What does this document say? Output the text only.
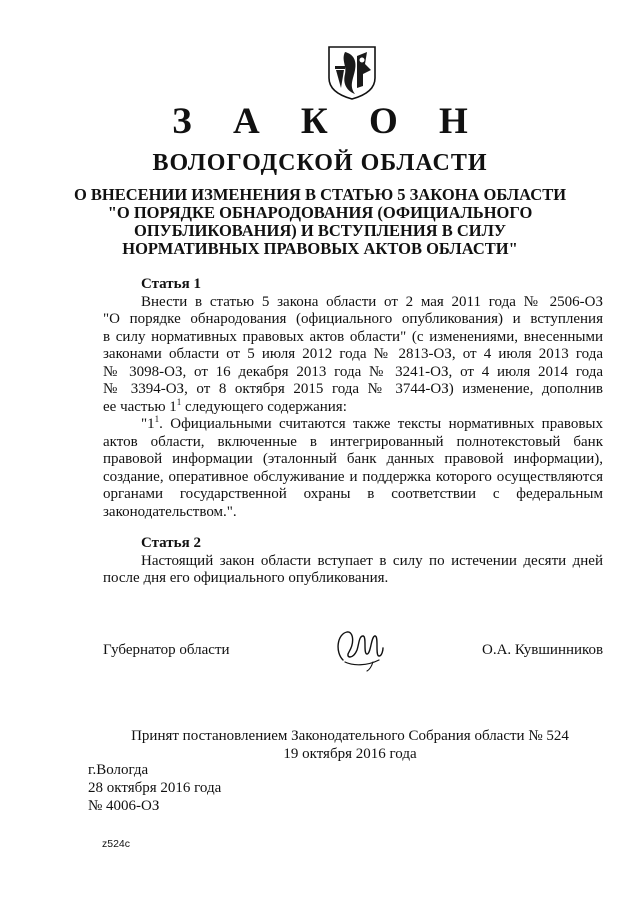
З А К О Н
ВОЛОГОДСКОЙ ОБЛАСТИ
О ВНЕСЕНИИ ИЗМЕНЕНИЯ В СТАТЬЮ 5 ЗАКОНА ОБЛАСТИ
"О ПОРЯДКЕ ОБНАРОДОВАНИЯ (ОФИЦИАЛЬНОГО
ОПУБЛИКОВАНИЯ) И ВСТУПЛЕНИЯ В СИЛУ
НОРМАТИВНЫХ ПРАВОВЫХ АКТОВ ОБЛАСТИ"
Статья 1
Внести в статью 5 закона области от 2 мая 2011 года № 2506-ОЗ
"О порядке обнародования (официального опубликования) и вступления
в силу нормативных правовых актов области" (с изменениями, внесенными
законами области от 5 июля 2012 года № 2813-ОЗ, от 4 июля 2013 года
№ 3098-ОЗ, от 16 декабря 2013 года № 3241-ОЗ, от 4 июля 2014 года
№ 3394-ОЗ, от 8 октября 2015 года № 3744-ОЗ) изменение, дополнив
ее частью $1^1$ следующего содержания:
"$1^1$. Официальными считаются также тексты нормативных правовых
актов области, включенные в интегрированный полнотекстовый банк
правовой информации (эталонный банк данных правовой информации),
создание, оперативное обслуживание и поддержка которого осуществляются
органами государственной охраны в соответствии с федеральным
законодательством.".
Статья 2
Настоящий закон области вступает в силу по истечении десяти дней
после дня его официального опубликования.
Губернатор области	О.А. Кувшинников
Принят постановлением Законодательного Собрания области № 524
19 октября 2016 года
г.Вологда
28 октября 2016 года
№ 4006-ОЗ
z524c
